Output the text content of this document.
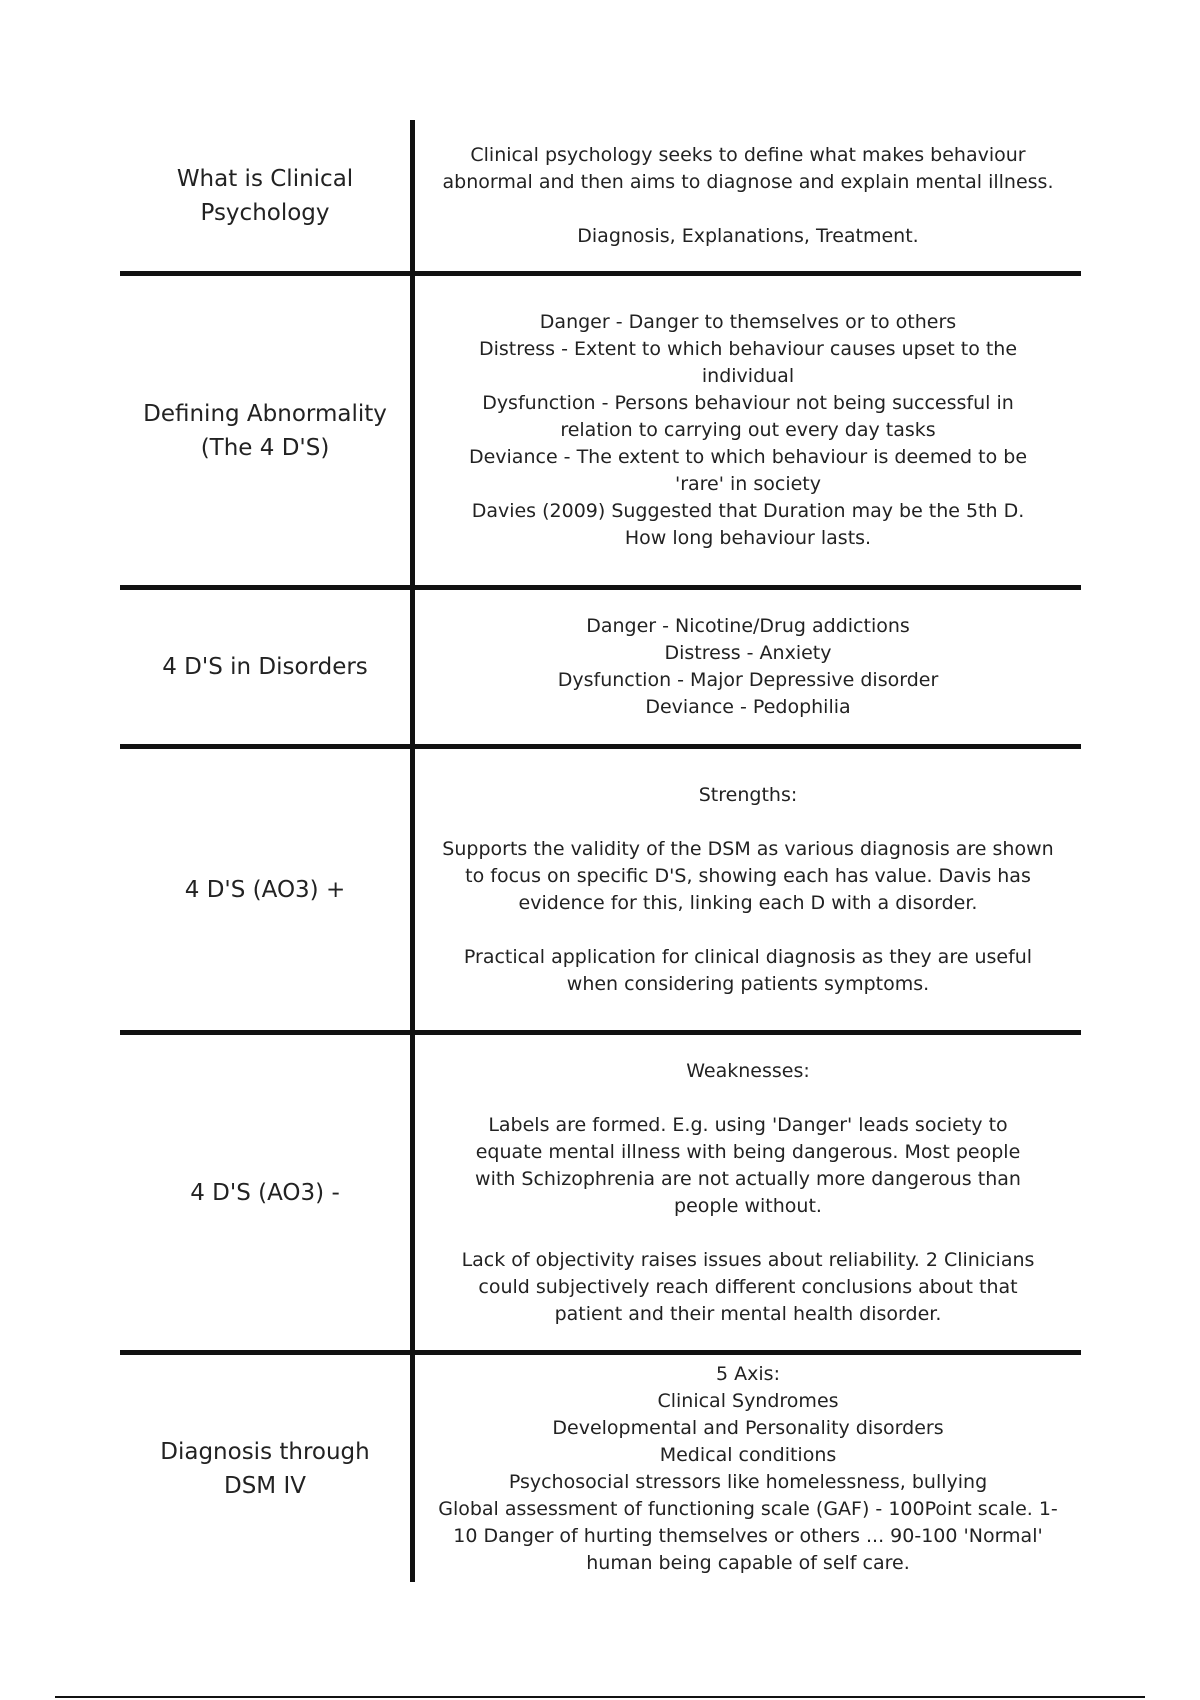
What is Clinical
Psychology
Clinical psychology seeks to define what makes behaviour
abnormal and then aims to diagnose and explain mental illness.
Diagnosis, Explanations, Treatment.
Defining Abnormality
(The 4 D'S)
Danger - Danger to themselves or to others
Distress - Extent to which behaviour causes upset to the
individual
Dysfunction - Persons behaviour not being successful in
relation to carrying out every day tasks
Deviance - The extent to which behaviour is deemed to be
'rare' in society
Davies (2009) Suggested that Duration may be the 5th D.
How long behaviour lasts.
4 D'S in Disorders
Danger - Nicotine/Drug addictions
Distress - Anxiety
Dysfunction - Major Depressive disorder
Deviance - Pedophilia
4 D'S (AO3) +
Strengths:
Supports the validity of the DSM as various diagnosis are shown
to focus on specific D'S, showing each has value. Davis has
evidence for this, linking each D with a disorder.
Practical application for clinical diagnosis as they are useful
when considering patients symptoms.
4 D'S (AO3) -
Weaknesses:
Labels are formed. E.g. using 'Danger' leads society to
equate mental illness with being dangerous. Most people
with Schizophrenia are not actually more dangerous than
people without.
Lack of objectivity raises issues about reliability. 2 Clinicians
could subjectively reach different conclusions about that
patient and their mental health disorder.
Diagnosis through
DSM IV
5 Axis:
Clinical Syndromes
Developmental and Personality disorders
Medical conditions
Psychosocial stressors like homelessness, bullying
Global assessment of functioning scale (GAF) - 100Point scale. 1-
10 Danger of hurting themselves or others ... 90-100 'Normal'
human being capable of self care.
